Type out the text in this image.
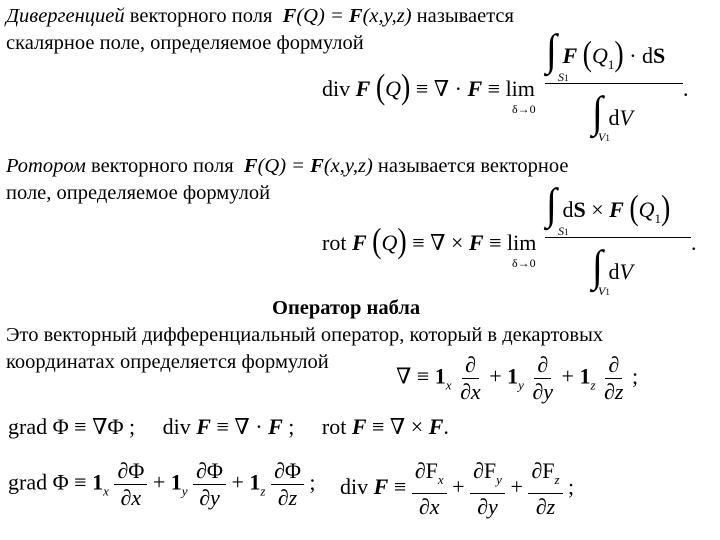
Дивергенцией векторного поля F(Q) = F(x,y,z) называется
скалярное поле, определяемое формулой	∫ F $(Q_1)$ · dS
S1
div F (Q) ≡ ∇ · F ≡ lim
δ→0 ∫ dV
V1
.
Ротором векторного поля F(Q) = F(x,y,z) называется векторное
поле, определяемое формулой	∫ dS × F $(Q_1)$
S1
rot F (Q) ≡ ∇ × F ≡ lim
δ→0 ∫ dV
V1
.
Оператор набла
Это векторный дифференциальный оператор, который в декартовых
координатах определяется формулой
∇ ≡ $1_x \frac{\partial}{\partial x} + 1_y \frac{\partial}{\partial y} + 1_z \frac{\partial}{\partial z}$ ;
grad Φ ≡ ∇Φ ; div F ≡ ∇ · F ; rot F ≡ ∇ × F.
grad $\Phi \equiv 1_x \frac{\partial\Phi}{\partial x} + 1_y \frac{\partial\Phi}{\partial y} + 1_z \frac{\partial\Phi}{\partial z}$ ; div $F \equiv \frac{\partial F_x}{\partial x} + \frac{\partial F_y}{\partial y} + \frac{\partial F_z}{\partial z}$ ;
